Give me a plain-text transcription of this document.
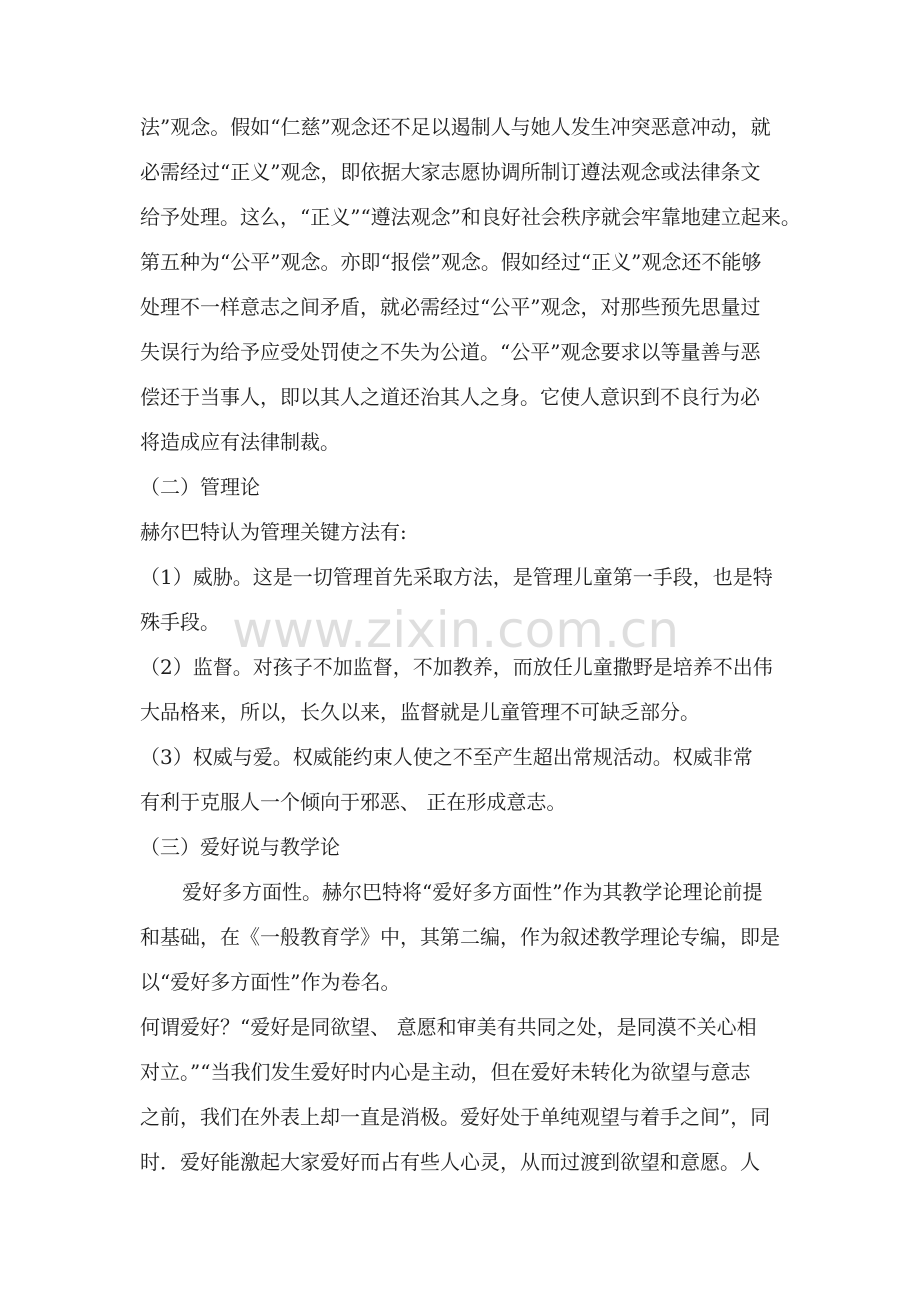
法”观念。假如“仁慈”观念还不足以遏制人与她人发生冲突恶意冲动，就
必需经过“正义”观念，即依据大家志愿协调所制订遵法观念或法律条文
给予处理。这么，“正义”“遵法观念”和良好社会秩序就会牢靠地建立起来。
第五种为“公平”观念。亦即“报偿”观念。假如经过“正义”观念还不能够
处理不一样意志之间矛盾，就必需经过“公平”观念，对那些预先思量过
失误行为给予应受处罚使之不失为公道。“公平”观念要求以等量善与恶
偿还于当事人，即以其人之道还治其人之身。它使人意识到不良行为必
将造成应有法律制裁。
（二）管理论
赫尔巴特认为管理关键方法有:
（1）威胁。这是一切管理首先采取方法，是管理儿童第一手段，也是特
殊手段。
（2）监督。对孩子不加监督，不加教养，而放任儿童撒野是培养不出伟
大品格来，所以，长久以来，监督就是儿童管理不可缺乏部分。
（3）权威与爱。权威能约束人使之不至产生超出常规活动。权威非常
有利于克服人一个倾向于邪恶、 正在形成意志。
（三）爱好说与教学论
爱好多方面性。赫尔巴特将“爱好多方面性”作为其教学论理论前提
和基础，在《一般教育学》中，其第二编，作为叙述教学理论专编，即是
以“爱好多方面性”作为卷名。
何谓爱好？“爱好是同欲望、 意愿和审美有共同之处，是同漠不关心相
对立。”“当我们发生爱好时内心是主动，但在爱好未转化为欲望与意志
之前，我们在外表上却一直是消极。爱好处于单纯观望与着手之间”，同
时．爱好能激起大家爱好而占有些人心灵，从而过渡到欲望和意愿。人
www.zixin.com.cn
